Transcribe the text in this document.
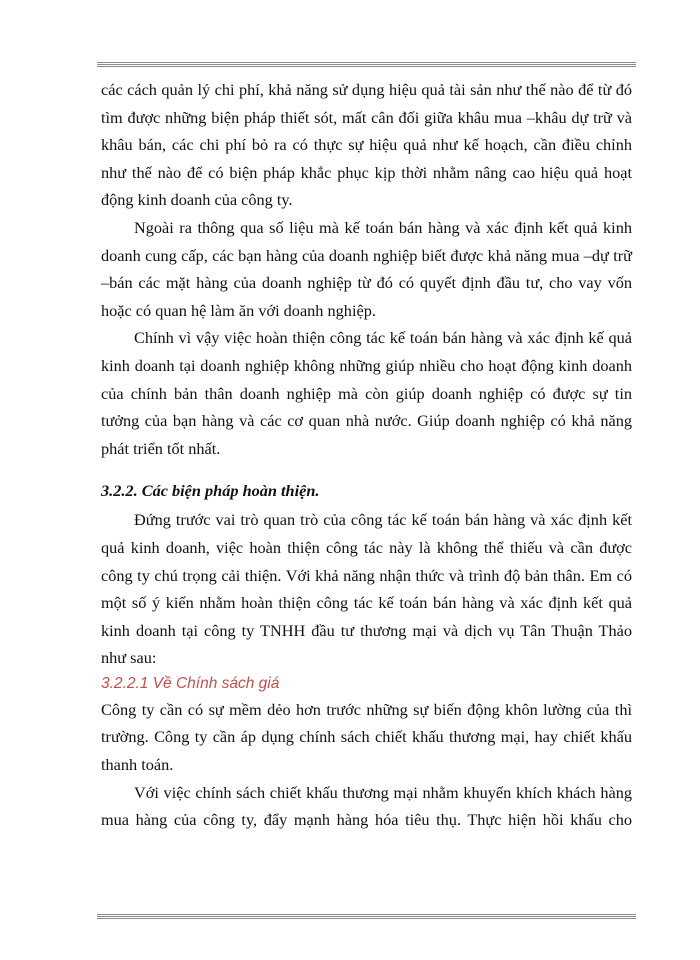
các cách quản lý chi phí, khả năng sử dụng hiệu quả tài sản như thế nào để từ đó
tìm được những biện pháp thiết sót, mất cân đối giữa khâu mua –khâu dự trữ và
khâu bán, các chi phí bỏ ra có thực sự hiệu quả như kế hoạch, cần điều chỉnh
như thế nào để có biện pháp khắc phục kịp thời nhằm nâng cao hiệu quả hoạt

động kinh doanh của công ty.

Ngoài ra thông qua số liệu mà kế toán bán hàng và xác định kết quả kinh
doanh cung cấp, các bạn hàng của doanh nghiệp biết được khả năng mua –dự trữ
–bán các mặt hàng của doanh nghiệp từ đó có quyết định đầu tư, cho vay vốn

hoặc có quan hệ làm ăn với doanh nghiệp.

Chính vì vậy việc hoàn thiện công tác kế toán bán hàng và xác định kế quả
kinh doanh tại doanh nghiệp không những giúp nhiều cho hoạt động kinh doanh
của chính bản thân doanh nghiệp mà còn giúp doanh nghiệp có được sự tin
tưởng của bạn hàng và các cơ quan nhà nước. Giúp doanh nghiệp có khả năng

phát triển tốt nhất.

3.2.2. Các biện pháp hoàn thiện.

Đứng trước vai trò quan trò của công tác kế toán bán hàng và xác định kết
quả kinh doanh, việc hoàn thiện công tác này là không thể thiếu và cần được
công ty chú trọng cải thiện. Với khả năng nhận thức và trình độ bản thân. Em có
một số ý kiến nhằm hoàn thiện công tác kế toán bán hàng và xác định kết quả
kinh doanh tại công ty TNHH đầu tư thương mại và dịch vụ Tân Thuận Thảo

như sau:

3.2.2.1 Về Chính sách giá

Công ty cần có sự mềm dẻo hơn trước những sự biến động khôn lường của thì
trường. Công ty cần áp dụng chính sách chiết khấu thương mại, hay chiết khấu

thanh toán.

Với việc chính sách chiết khấu thương mại nhằm khuyến khích khách hàng
mua hàng của công ty, đẩy mạnh hàng hóa tiêu thụ. Thực hiện hồi khấu cho
